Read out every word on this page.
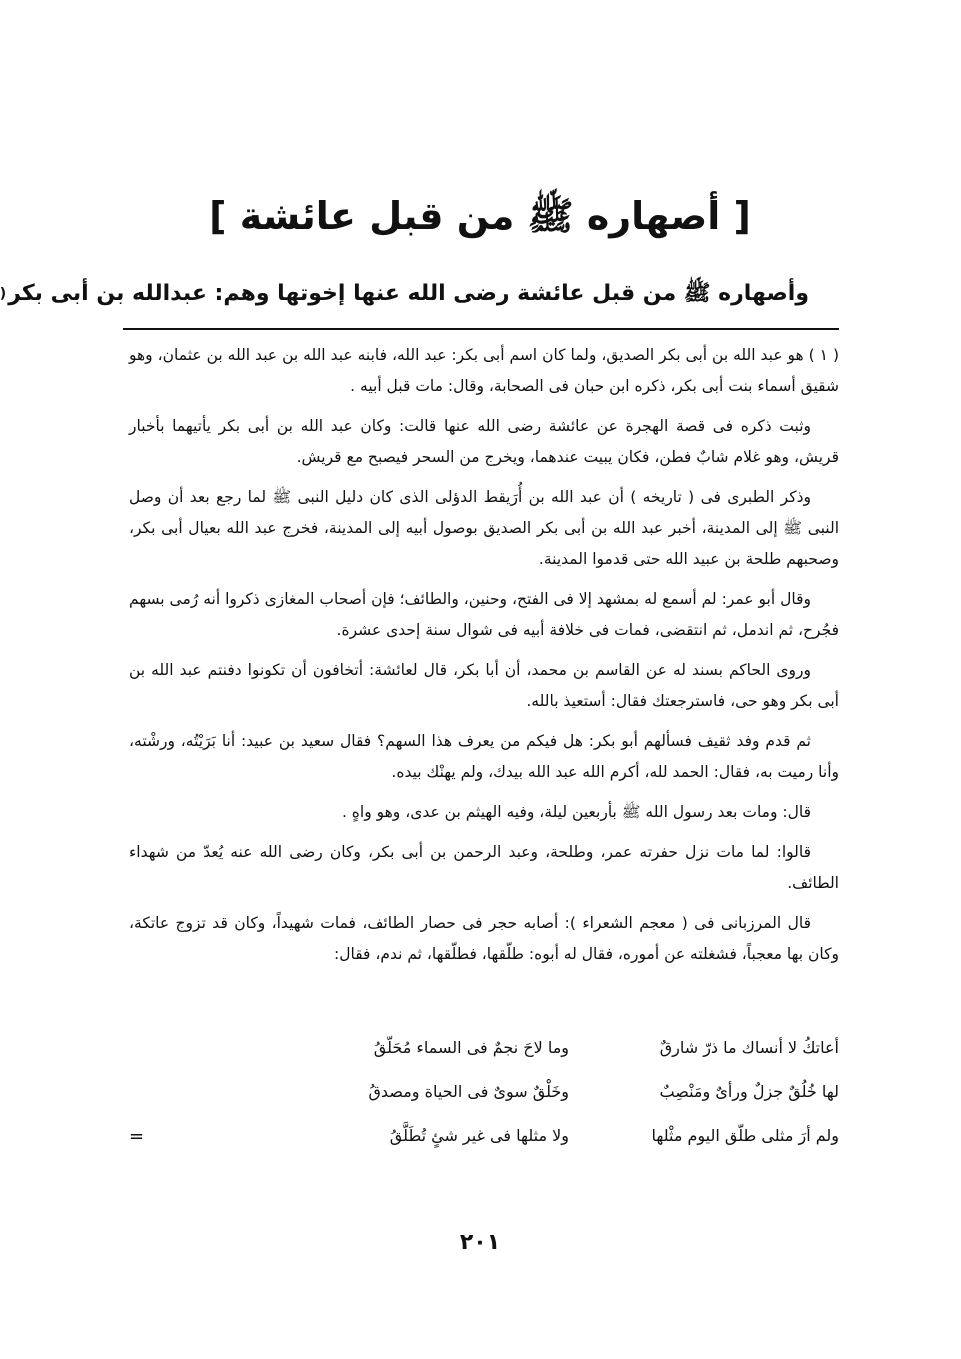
[ أصهاره ﷺ من قبل عائشة ]
وأصهاره ﷺ من قبل عائشة رضى الله عنها إخوتها وهم: عبدالله بن أبى بكر(

( ١ ) هو عبد الله بن أبى بكر الصديق، ولما كان اسم أبى بكر: عبد الله، فابنه عبد الله بن عبد الله بن عثمان، وهو شقيق أسماء بنت أبى بكر، ذكره ابن حبان فى الصحابة، وقال: مات قبل أبيه .

وثبت ذكره فى قصة الهجرة عن عائشة رضى الله عنها قالت: وكان عبد الله بن أبى بكر يأتيهما بأخبار قريش، وهو غلام شابٌ فطن، فكان يبيت عندهما، ويخرج من السحر فيصبح مع قريش.

وذكر الطبرى فى ( تاريخه ) أن عبد الله بن أُرَيقط الدؤلى الذى كان دليل النبى ﷺ لما رجع بعد أن وصل النبى ﷺ إلى المدينة، أخبر عبد الله بن أبى بكر الصديق بوصول أبيه إلى المدينة، فخرج عبد الله بعيال أبى بكر، وصحبهم طلحة بن عبيد الله حتى قدموا المدينة.

وقال أبو عمر: لم أسمع له بمشهد إلا فى الفتح، وحنين، والطائف؛ فإن أصحاب المغازى ذكروا أنه رُمى بسهم فجُرح، ثم اندمل، ثم انتقضى، فمات فى خلافة أبيه فى شوال سنة إحدى عشرة.

وروى الحاكم بسند له عن القاسم بن محمد، أن أبا بكر، قال لعائشة: أتخافون أن تكونوا دفنتم عبد الله بن أبى بكر وهو حى، فاسترجعتك فقال: أستعيذ بالله.

ثم قدم وفد ثقيف فسألهم أبو بكر: هل فيكم من يعرف هذا السهم؟ فقال سعيد بن عبيد: أنا بَرَيْتُه، ورشْته، وأنا رميت به، فقال: الحمد لله، أكرم الله عبد الله بيدك، ولم يهنْك بيده.

قال: ومات بعد رسول الله ﷺ بأربعين ليلة، وفيه الهيثم بن عدى، وهو واهٍ .

قالوا: لما مات نزل حفرته عمر، وطلحة، وعبد الرحمن بن أبى بكر، وكان رضى الله عنه يُعدّ من شهداء الطائف.

قال المرزبانى فى ( معجم الشعراء ): أصابه حجر فى حصار الطائف، فمات شهيداً، وكان قد تزوج عاتكة، وكان بها معجباً، فشغلته عن أموره، فقال له أبوه: طلّقها، فطلّقها، ثم ندم، فقال:

أعاتكُ لا أنساك ما ذرّ شارقٌ
وما لاحَ نجمٌ فى السماء مُحَلّقُ
لها خُلُقٌ جزلٌ ورأىٌ ومَنْصِبٌ
وخَلْقٌ سوىٌ فى الحياة ومصدقُ
ولم أرَ مثلى طلّق اليوم مثْلها
ولا مثلها فى غير شئٍ تُطَلَّقُ
=
٢٠١
